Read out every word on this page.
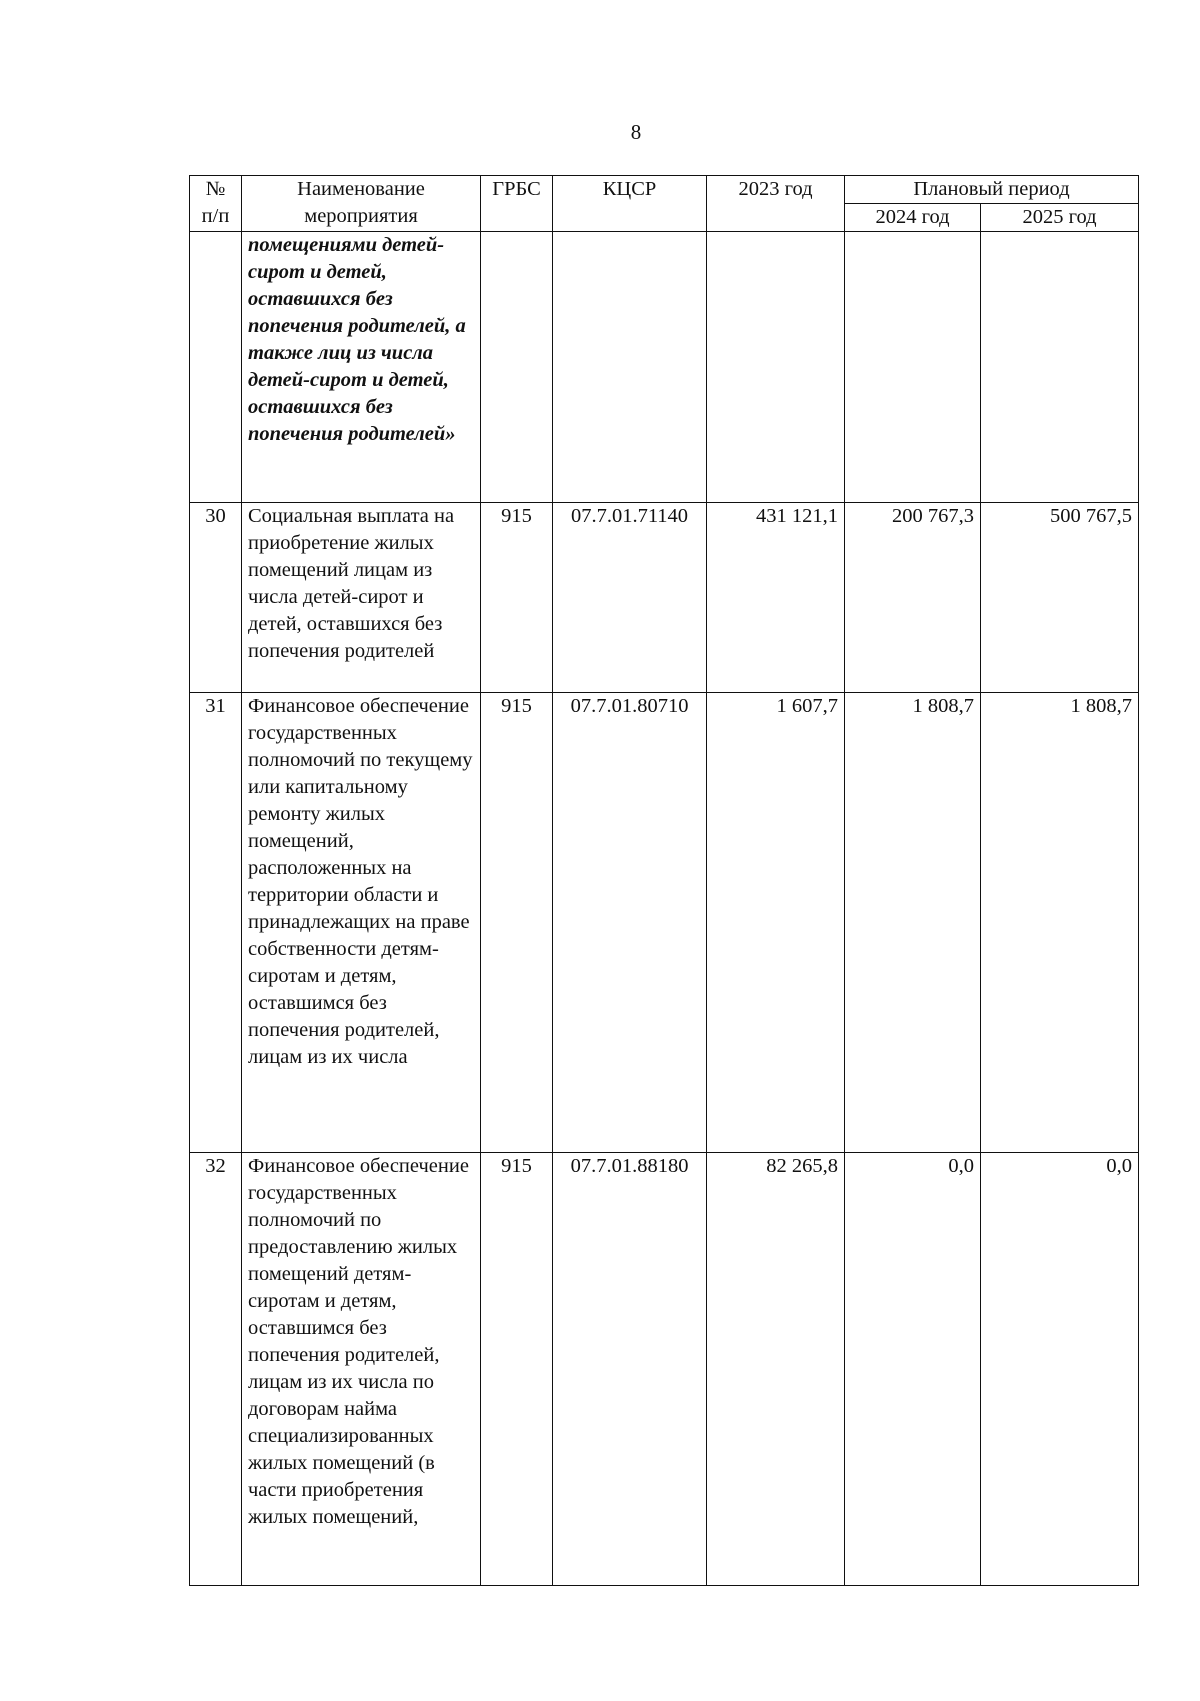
8
№ п/п	Наименование мероприятия	ГРБС	КЦСР	2023 год	Плановый период	
					2024 год	2025 год
	помещениями детей-сирот и детей, оставшихся без попечения родителей, а также лиц из числа детей-сирот и детей, оставшихся без попечения родителей»					
30	Социальная выплата на приобретение жилых помещений лицам из числа детей-сирот и детей, оставшихся без попечения родителей	915	07.7.01.71140	431 121,1	200 767,3	500 767,5
31	Финансовое обеспечение государственных полномочий по текущему или капитальному ремонту жилых помещений, расположенных на территории области и принадлежащих на праве собственности детям-сиротам и детям, оставшимся без попечения родителей, лицам из их числа	915	07.7.01.80710	1 607,7	1 808,7	1 808,7
32	Финансовое обеспечение государственных полномочий по предоставлению жилых помещений детям-сиротам и детям, оставшимся без попечения родителей, лицам из их числа по договорам найма специализированных жилых помещений (в части приобретения жилых помещений,	915	07.7.01.88180	82 265,8	0,0	0,0
